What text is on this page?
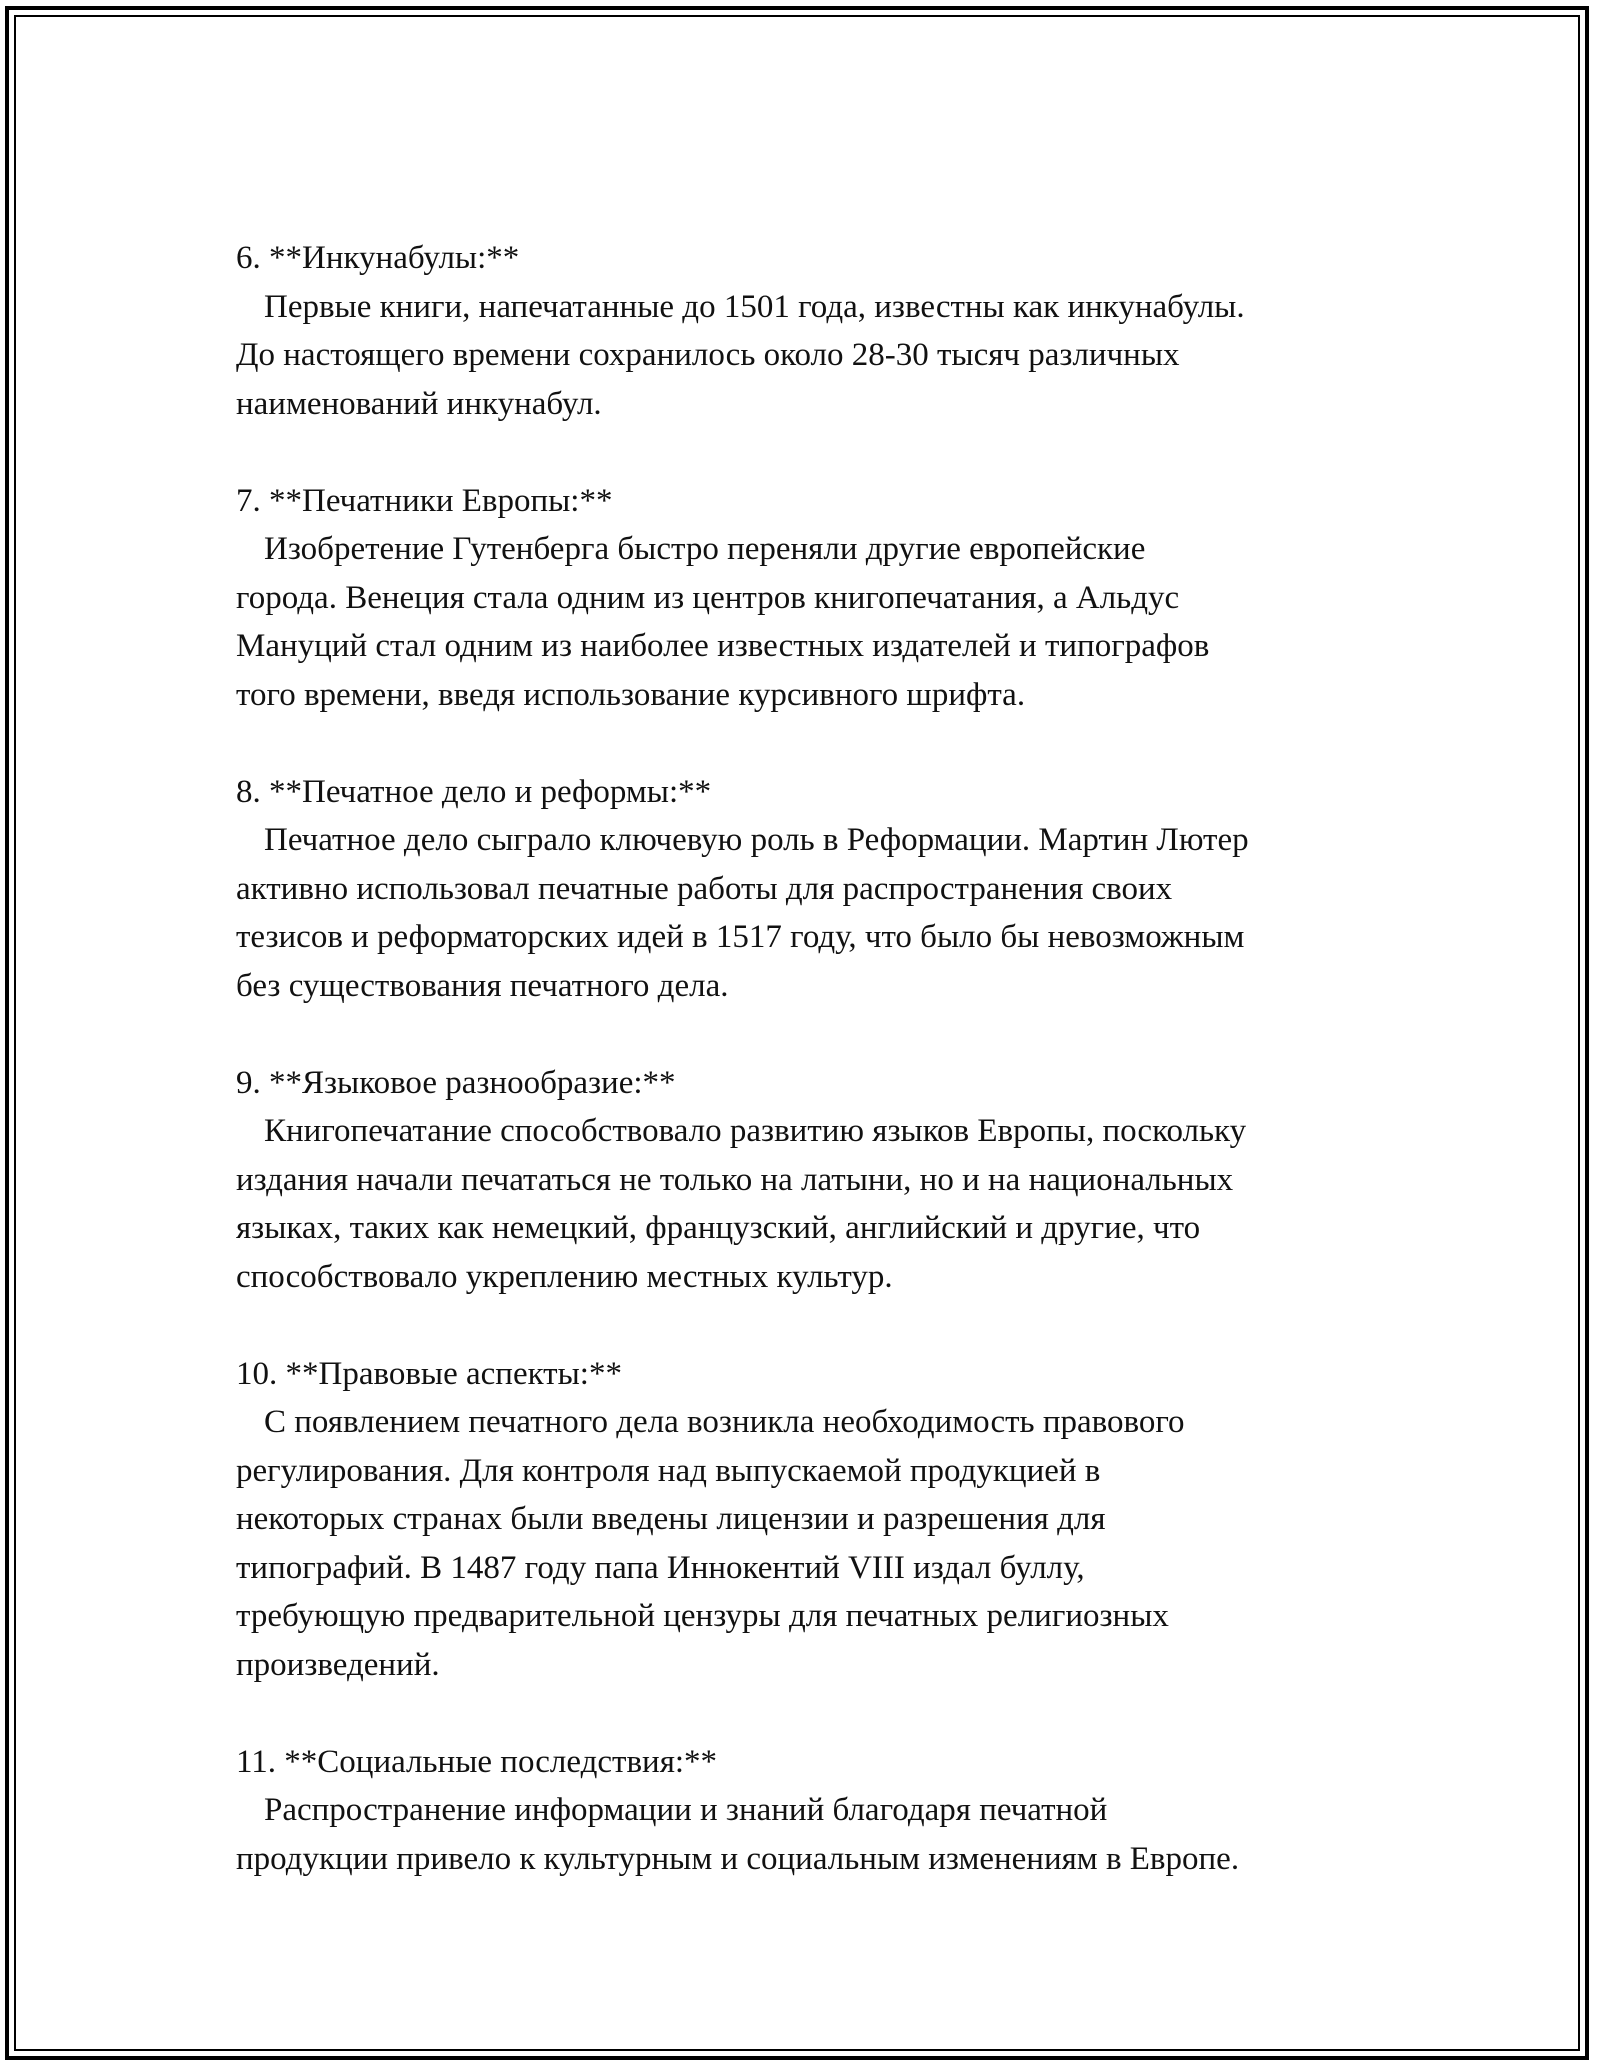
6. **Инкунабулы:**
Первые книги, напечатанные до 1501 года, известны как инкунабулы.
До настоящего времени сохранилось около 28-30 тысяч различных
наименований инкунабул.
7. **Печатники Европы:**
Изобретение Гутенберга быстро переняли другие европейские
города. Венеция стала одним из центров книгопечатания, а Альдус
Мануций стал одним из наиболее известных издателей и типографов
того времени, введя использование курсивного шрифта.
8. **Печатное дело и реформы:**
Печатное дело сыграло ключевую роль в Реформации. Мартин Лютер
активно использовал печатные работы для распространения своих
тезисов и реформаторских идей в 1517 году, что было бы невозможным
без существования печатного дела.
9. **Языковое разнообразие:**
Книгопечатание способствовало развитию языков Европы, поскольку
издания начали печататься не только на латыни, но и на национальных
языках, таких как немецкий, французский, английский и другие, что
способствовало укреплению местных культур.
10. **Правовые аспекты:**
С появлением печатного дела возникла необходимость правового
регулирования. Для контроля над выпускаемой продукцией в
некоторых странах были введены лицензии и разрешения для
типографий. В 1487 году папа Иннокентий VIII издал буллу,
требующую предварительной цензуры для печатных религиозных
произведений.
11. **Социальные последствия:**
Распространение информации и знаний благодаря печатной
продукции привело к культурным и социальным изменениям в Европе.
